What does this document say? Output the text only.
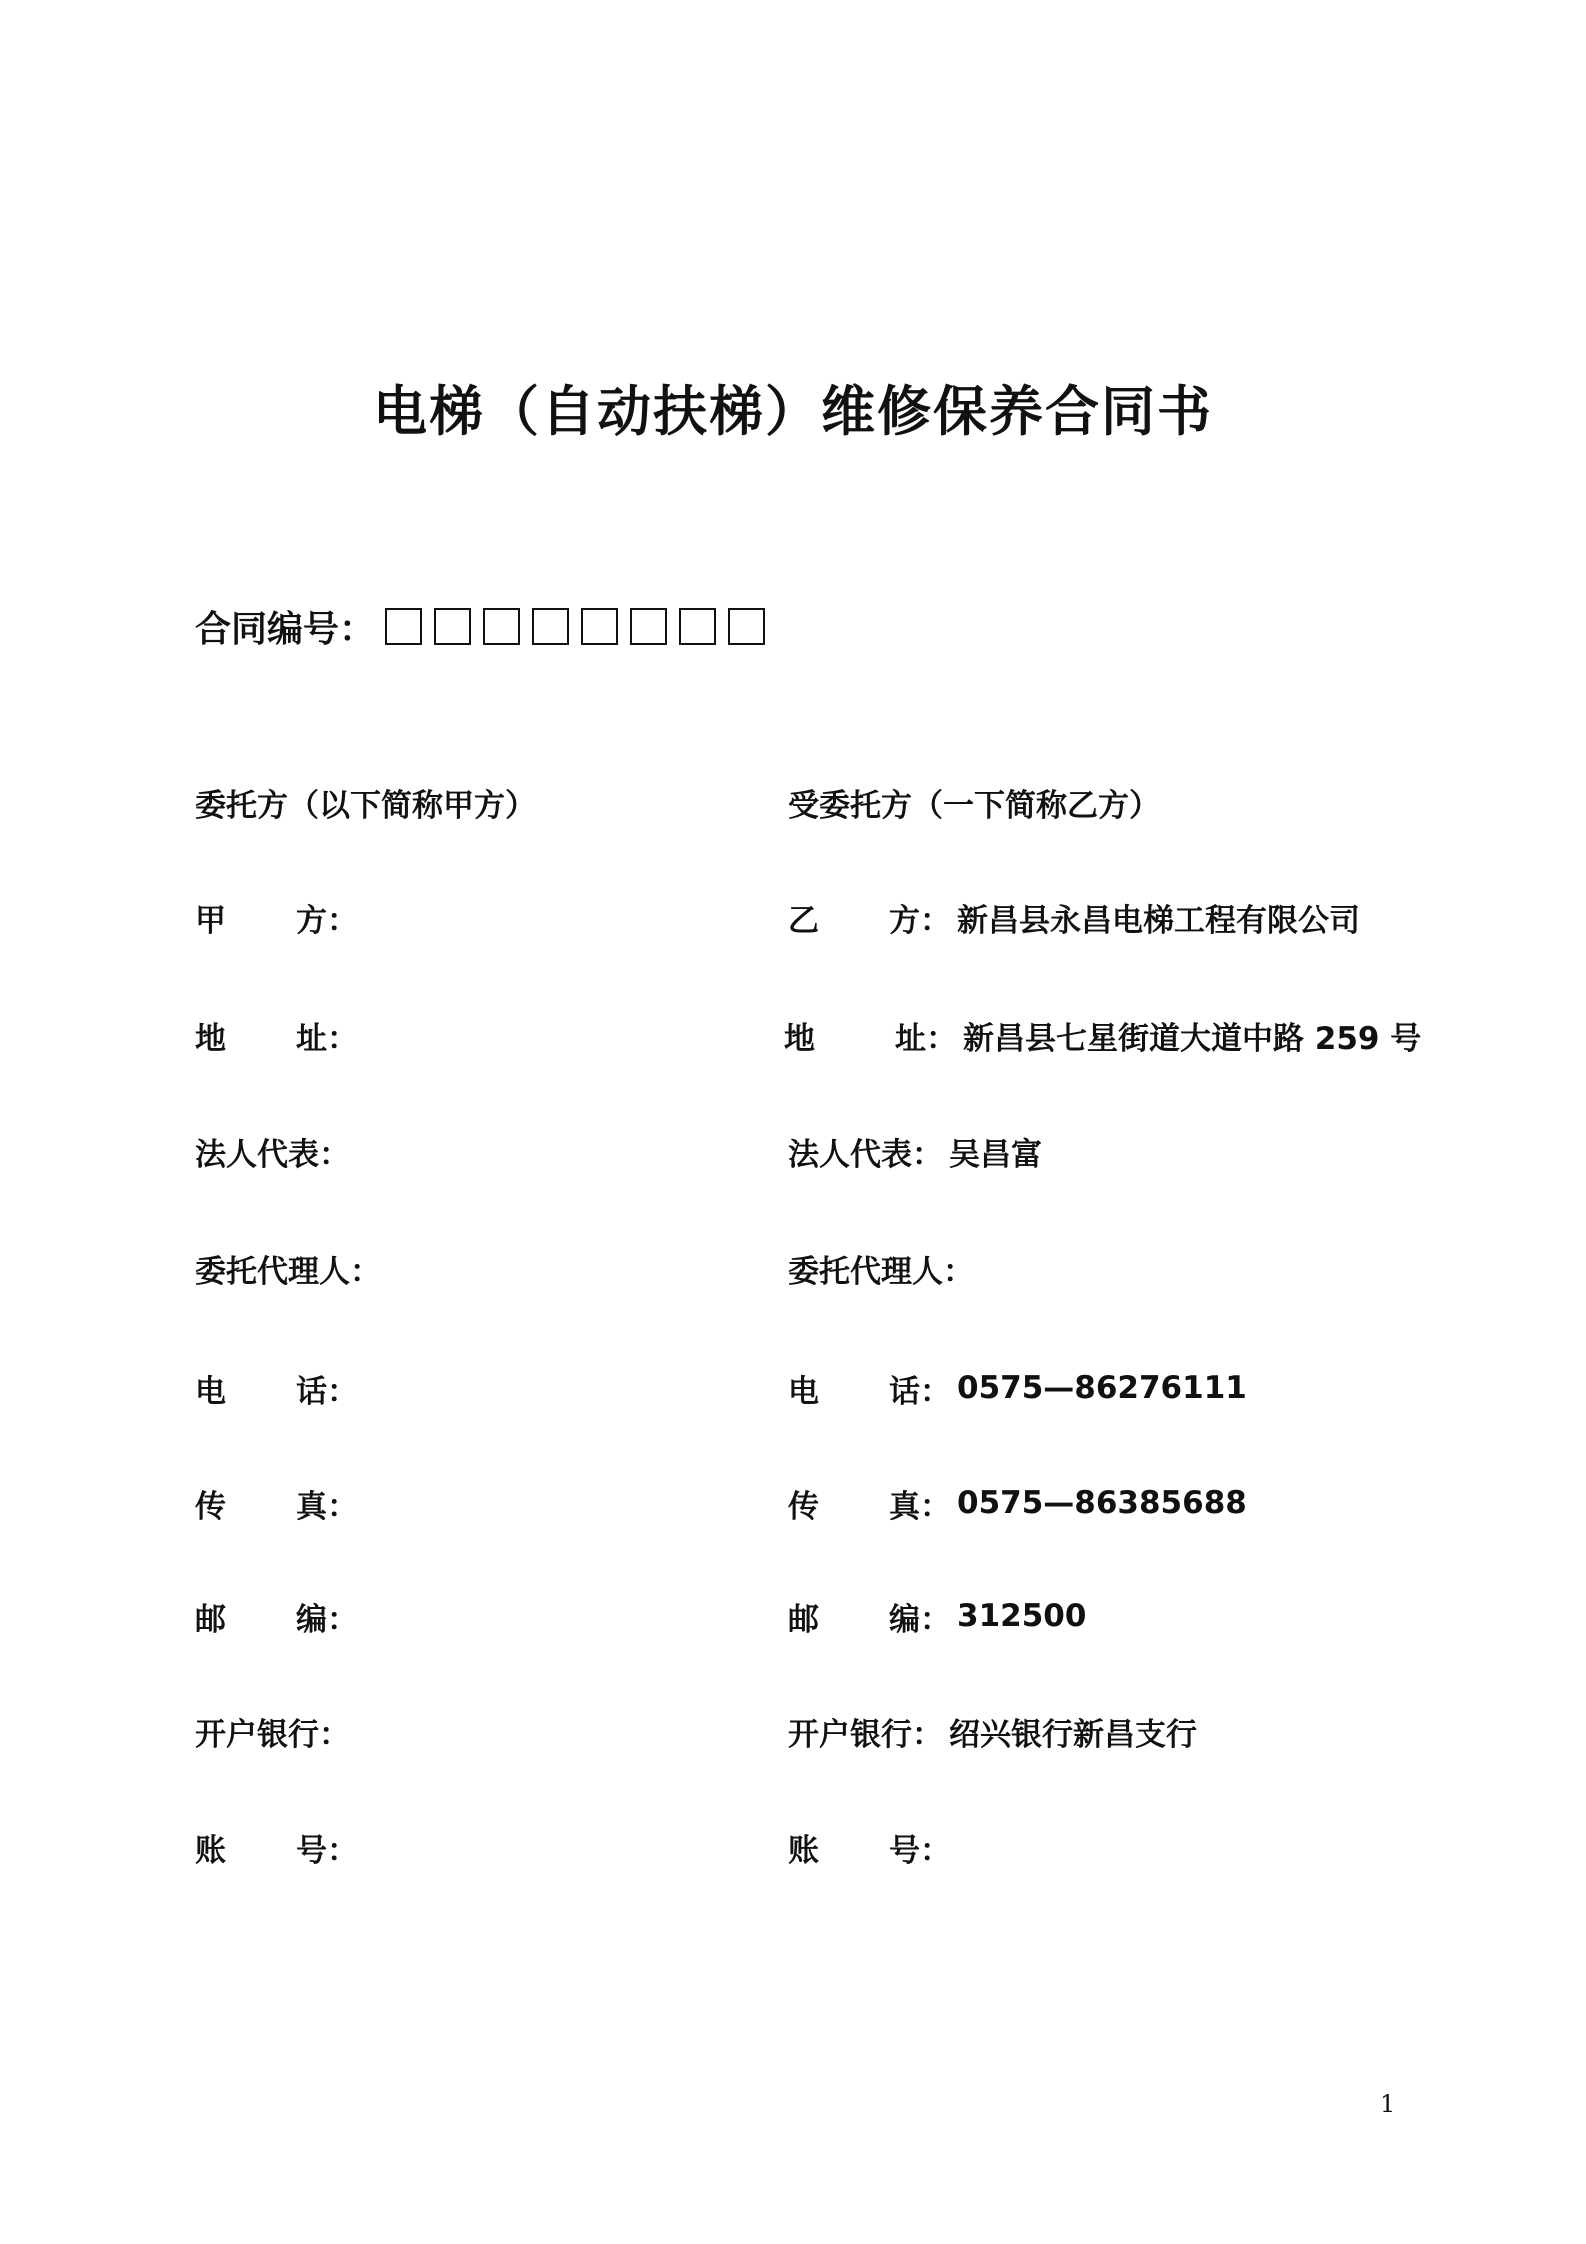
电梯（自动扶梯）维修保养合同书
合同编号：
委托方（以下简称甲方）	受委托方（一下简称乙方）
甲 方 ：	乙 方 ： 新昌县永昌电梯工程有限公司
地 址 ：	地	址 ： 新昌县七星街道大道中路 259 号
法人代表 ：	法人代表 ： 吴昌富
委托代理人 ：	委托代理人 ：
电 话 ：	电 话 ： 0575—86276111
传 真 ：	传 真 ： 0575—86385688
邮 编 ：	邮 编 ： 312500
开户银行 ：	开户银行 ： 绍兴银行新昌支行
账 号 ：	账 号 ：
1
